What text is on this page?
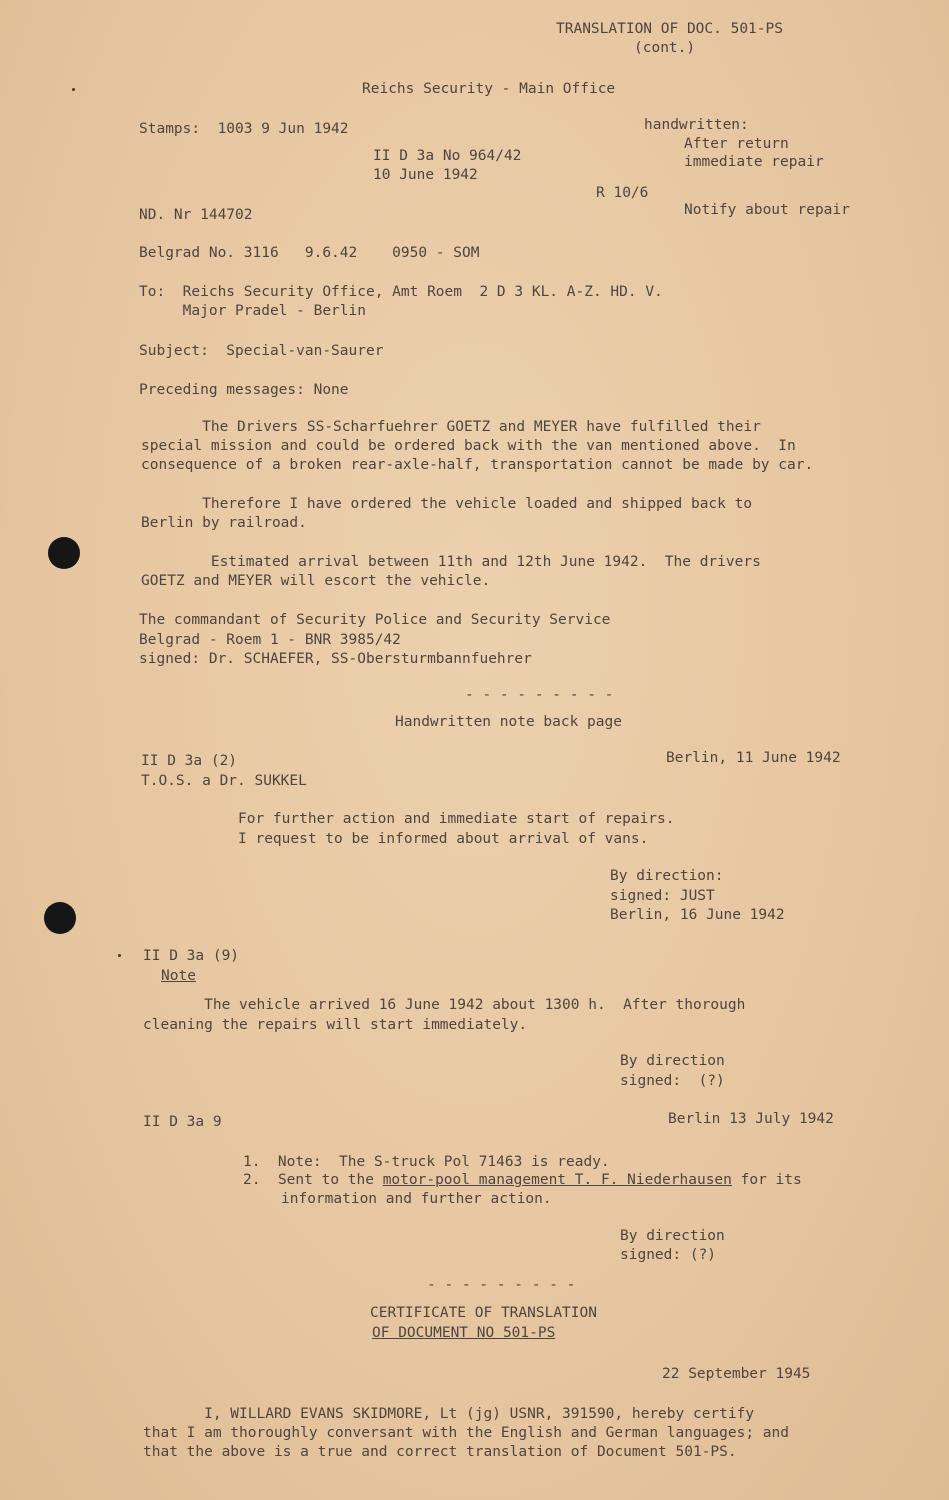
TRANSLATION OF DOC. 501-PS
(cont.)
Reichs Security - Main Office
Stamps:  1003 9 Jun 1942	handwritten:
After return
immediate repair
II D 3a No 964/42
10 June 1942
R 10/6
Notify about repair
ND. Nr 144702
Belgrad No. 3116   9.6.42    0950 - SOM
To:  Reichs Security Office, Amt Roem  2 D 3 KL. A-Z. HD. V.
Major Pradel - Berlin
Subject:  Special-van-Saurer
Preceding messages: None
The Drivers SS-Scharfuehrer GOETZ and MEYER have fulfilled their
special mission and could be ordered back with the van mentioned above.  In
consequence of a broken rear-axle-half, transportation cannot be made by car.
Therefore I have ordered the vehicle loaded and shipped back to
Berlin by railroad.
Estimated arrival between 11th and 12th June 1942.  The drivers
GOETZ and MEYER will escort the vehicle.
The commandant of Security Police and Security Service
Belgrad - Roem 1 - BNR 3985/42
signed: Dr. SCHAEFER, SS-Obersturmbannfuehrer
- - - - - - - - -
Handwritten note back page
II D 3a (2)	Berlin, 11 June 1942
T.O.S. a Dr. SUKKEL
For further action and immediate start of repairs.
I request to be informed about arrival of vans.
By direction:
signed: JUST
Berlin, 16 June 1942
II D 3a (9)
Note
The vehicle arrived 16 June 1942 about 1300 h.  After thorough
cleaning the repairs will start immediately.
By direction
signed:  (?)
II D 3a 9	Berlin 13 July 1942
1.  Note:  The S-truck Pol 71463 is ready.
2. Sent to the motor-pool management T. F. Niederhausen for its
information and further action.
By direction
signed: (?)
- - - - - - - - -
CERTIFICATE OF TRANSLATION
OF DOCUMENT NO 501-PS
22 September 1945
I, WILLARD EVANS SKIDMORE, Lt (jg) USNR, 391590, hereby certify
that I am thoroughly conversant with the English and German languages; and
that the above is a true and correct translation of Document 501-PS.
